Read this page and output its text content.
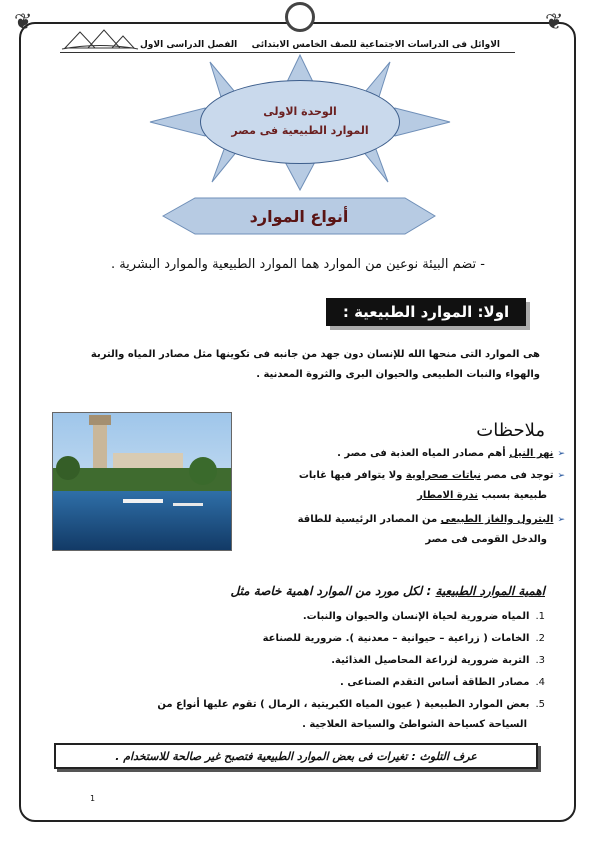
❦	❦
الاوائل فى الدراسات الاجتماعية للصف الخامس الابتدائى
الفصل الدراسى الاول
الوحدة الاولى
الموارد الطبيعية فى مصر
أنواع الموارد
- تضم البيئة نوعين من الموارد هما الموارد الطبيعية والموارد البشرية .
اولا: الموارد الطبيعية :
هى الموارد التى منحها الله للإنسان دون جهد من جانبه فى تكوينها مثل مصادر المياه والتربة
والهواء والنبات الطبيعى والحيوان البرى والثروة المعدنية .
ملاحظات
➢نهر النيل أهم مصادر المياه العذبة فى مصر .
➢توجد فى مصر نباتات صحراوية ولا يتوافر فيها غابات
طبيعية بسبب ندرة الامطار
➢البترول والغاز الطبيعى من المصادر الرئيسية للطاقة
والدخل القومى فى مصر
اهمية الموارد الطبيعية : لكل مورد من الموارد اهمية خاصة مثل
1.المياه ضرورية لحياة الإنسان والحيوان والنبات.
2.الخامات ( زراعية – حيوانية – معدنية ). ضرورية للصناعة
3.التربة ضرورية لزراعة المحاصيل الغذائية.
4.مصادر الطاقة أساس التقدم الصناعى .
5.بعض الموارد الطبيعية ( عيون المياه الكبريتية ، الرمال ) تقوم عليها أنواع من
السياحة كسياحة الشواطئ والسياحة العلاجية .
عرف التلوث : تغيرات فى بعض الموارد الطبيعية فتصبح غير صالحة للاستخدام .
1
